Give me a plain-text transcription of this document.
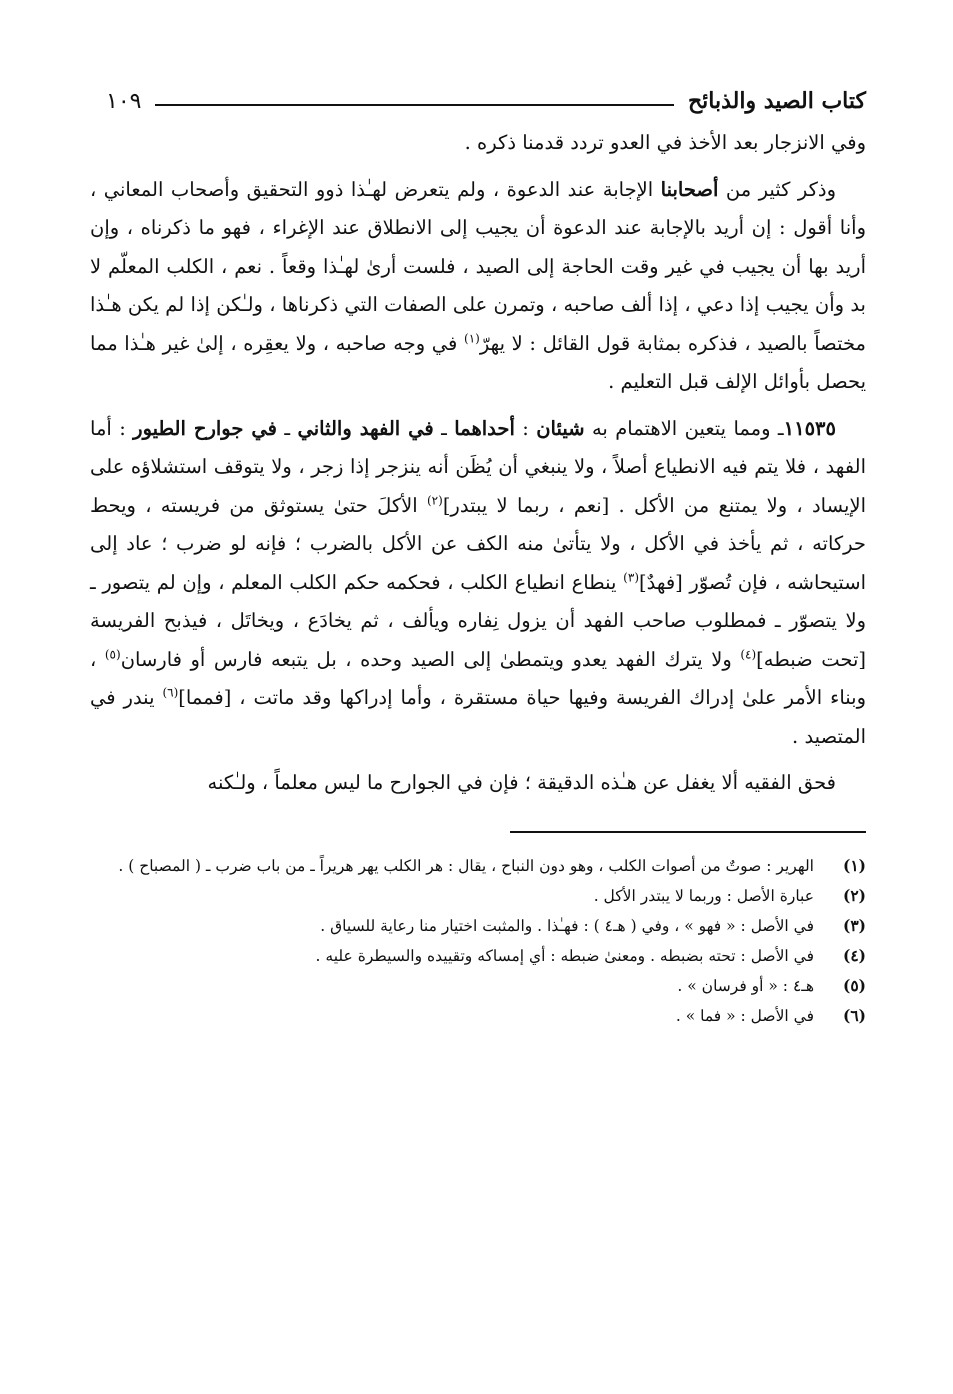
كتاب الصيد والذبائح
١٠٩

وفي الانزجار بعد الأخذ في العدو تردد قدمنا ذكره .

وذكر كثير من أصحابنا الإجابة عند الدعوة ، ولم يتعرض لهـٰذا ذوو التحقيق وأصحاب المعاني ، وأنا أقول : إن أريد بالإجابة عند الدعوة أن يجيب إلى الانطلاق عند الإغراء ، فهو ما ذكرناه ، وإن أريد بها أن يجيب في غير وقت الحاجة إلى الصيد ، فلست أرىٰ لهـٰذا وقعاً . نعم ، الكلب المعلّم لا بد وأن يجيب إذا دعي ، إذا ألف صاحبه ، وتمرن على الصفات التي ذكرناها ، ولـٰكن إذا لم يكن هـٰذا مختصاً بالصيد ، فذكره بمثابة قول القائل : لا يهرّ$^{(١)}$ في وجه صاحبه ، ولا يعقِره ، إلىٰ غير هـٰذا مما يحصل بأوائل الإلف قبل التعليم .

١١٥٣٥ـ ومما يتعين الاهتمام به شيئان : أحداهما ـ في الفهد والثاني ـ في جوارح الطيور : أما الفهد ، فلا يتم فيه الانطياع أصلاً ، ولا ينبغي أن يُظَن أنه ينزجر إذا زجر ، ولا يتوقف استشلاؤه على الإيساد ، ولا يمتنع من الأكل . [نعم ، ربما لا يبتدر]$^{(٢)}$ الأكلَ حتىٰ يستوثق من فريسته ، ويحط حركاته ، ثم يأخذ في الأكل ، ولا يتأتىٰ منه الكف عن الأكل بالضرب ؛ فإنه لو ضرب ؛ عاد إلى استيحاشه ، فإن تُصوّر [فهدٌ]$^{(٣)}$ ينطاع انطياع الكلب ، فحكمه حكم الكلب المعلم ، وإن لم يتصور ـ ولا يتصوّر ـ فمطلوب صاحب الفهد أن يزول نِفاره ويألف ، ثم يخادَع ، ويخاتَل ، فيذبح الفريسة [تحت ضبطه]$^{(٤)}$ ولا يترك الفهد يعدو ويتمطىٰ إلى الصيد وحده ، بل يتبعه فارس أو فارسان$^{(٥)}$ ، وبناء الأمر علىٰ إدراك الفريسة وفيها حياة مستقرة ، وأما إدراكها وقد ماتت ، [فمما]$^{(٦)}$ يندر في المتصيد .

فحق الفقيه ألا يغفل عن هـٰذه الدقيقة ؛ فإن في الجوارح ما ليس معلماً ، ولـٰكنه

(١)
الهرير : صوتٌ من أصوات الكلب ، وهو دون النباح ، يقال : هر الكلب يهر هريراً ـ من باب ضرب ـ ( المصباح ) .
(٢)
عبارة الأصل : وربما لا يبتدر الأكل .
(٣)
في الأصل : « فهو » ، وفي ( هـ٤ ) : فهـٰذا . والمثبت اختيار منا رعاية للسياق .
(٤)
في الأصل : تحته بضبطه . ومعنىٰ ضبطه : أي إمساكه وتقييده والسيطرة عليه .
(٥)
هـ٤ : « أو فرسان » .
(٦)
في الأصل : « فما » .
